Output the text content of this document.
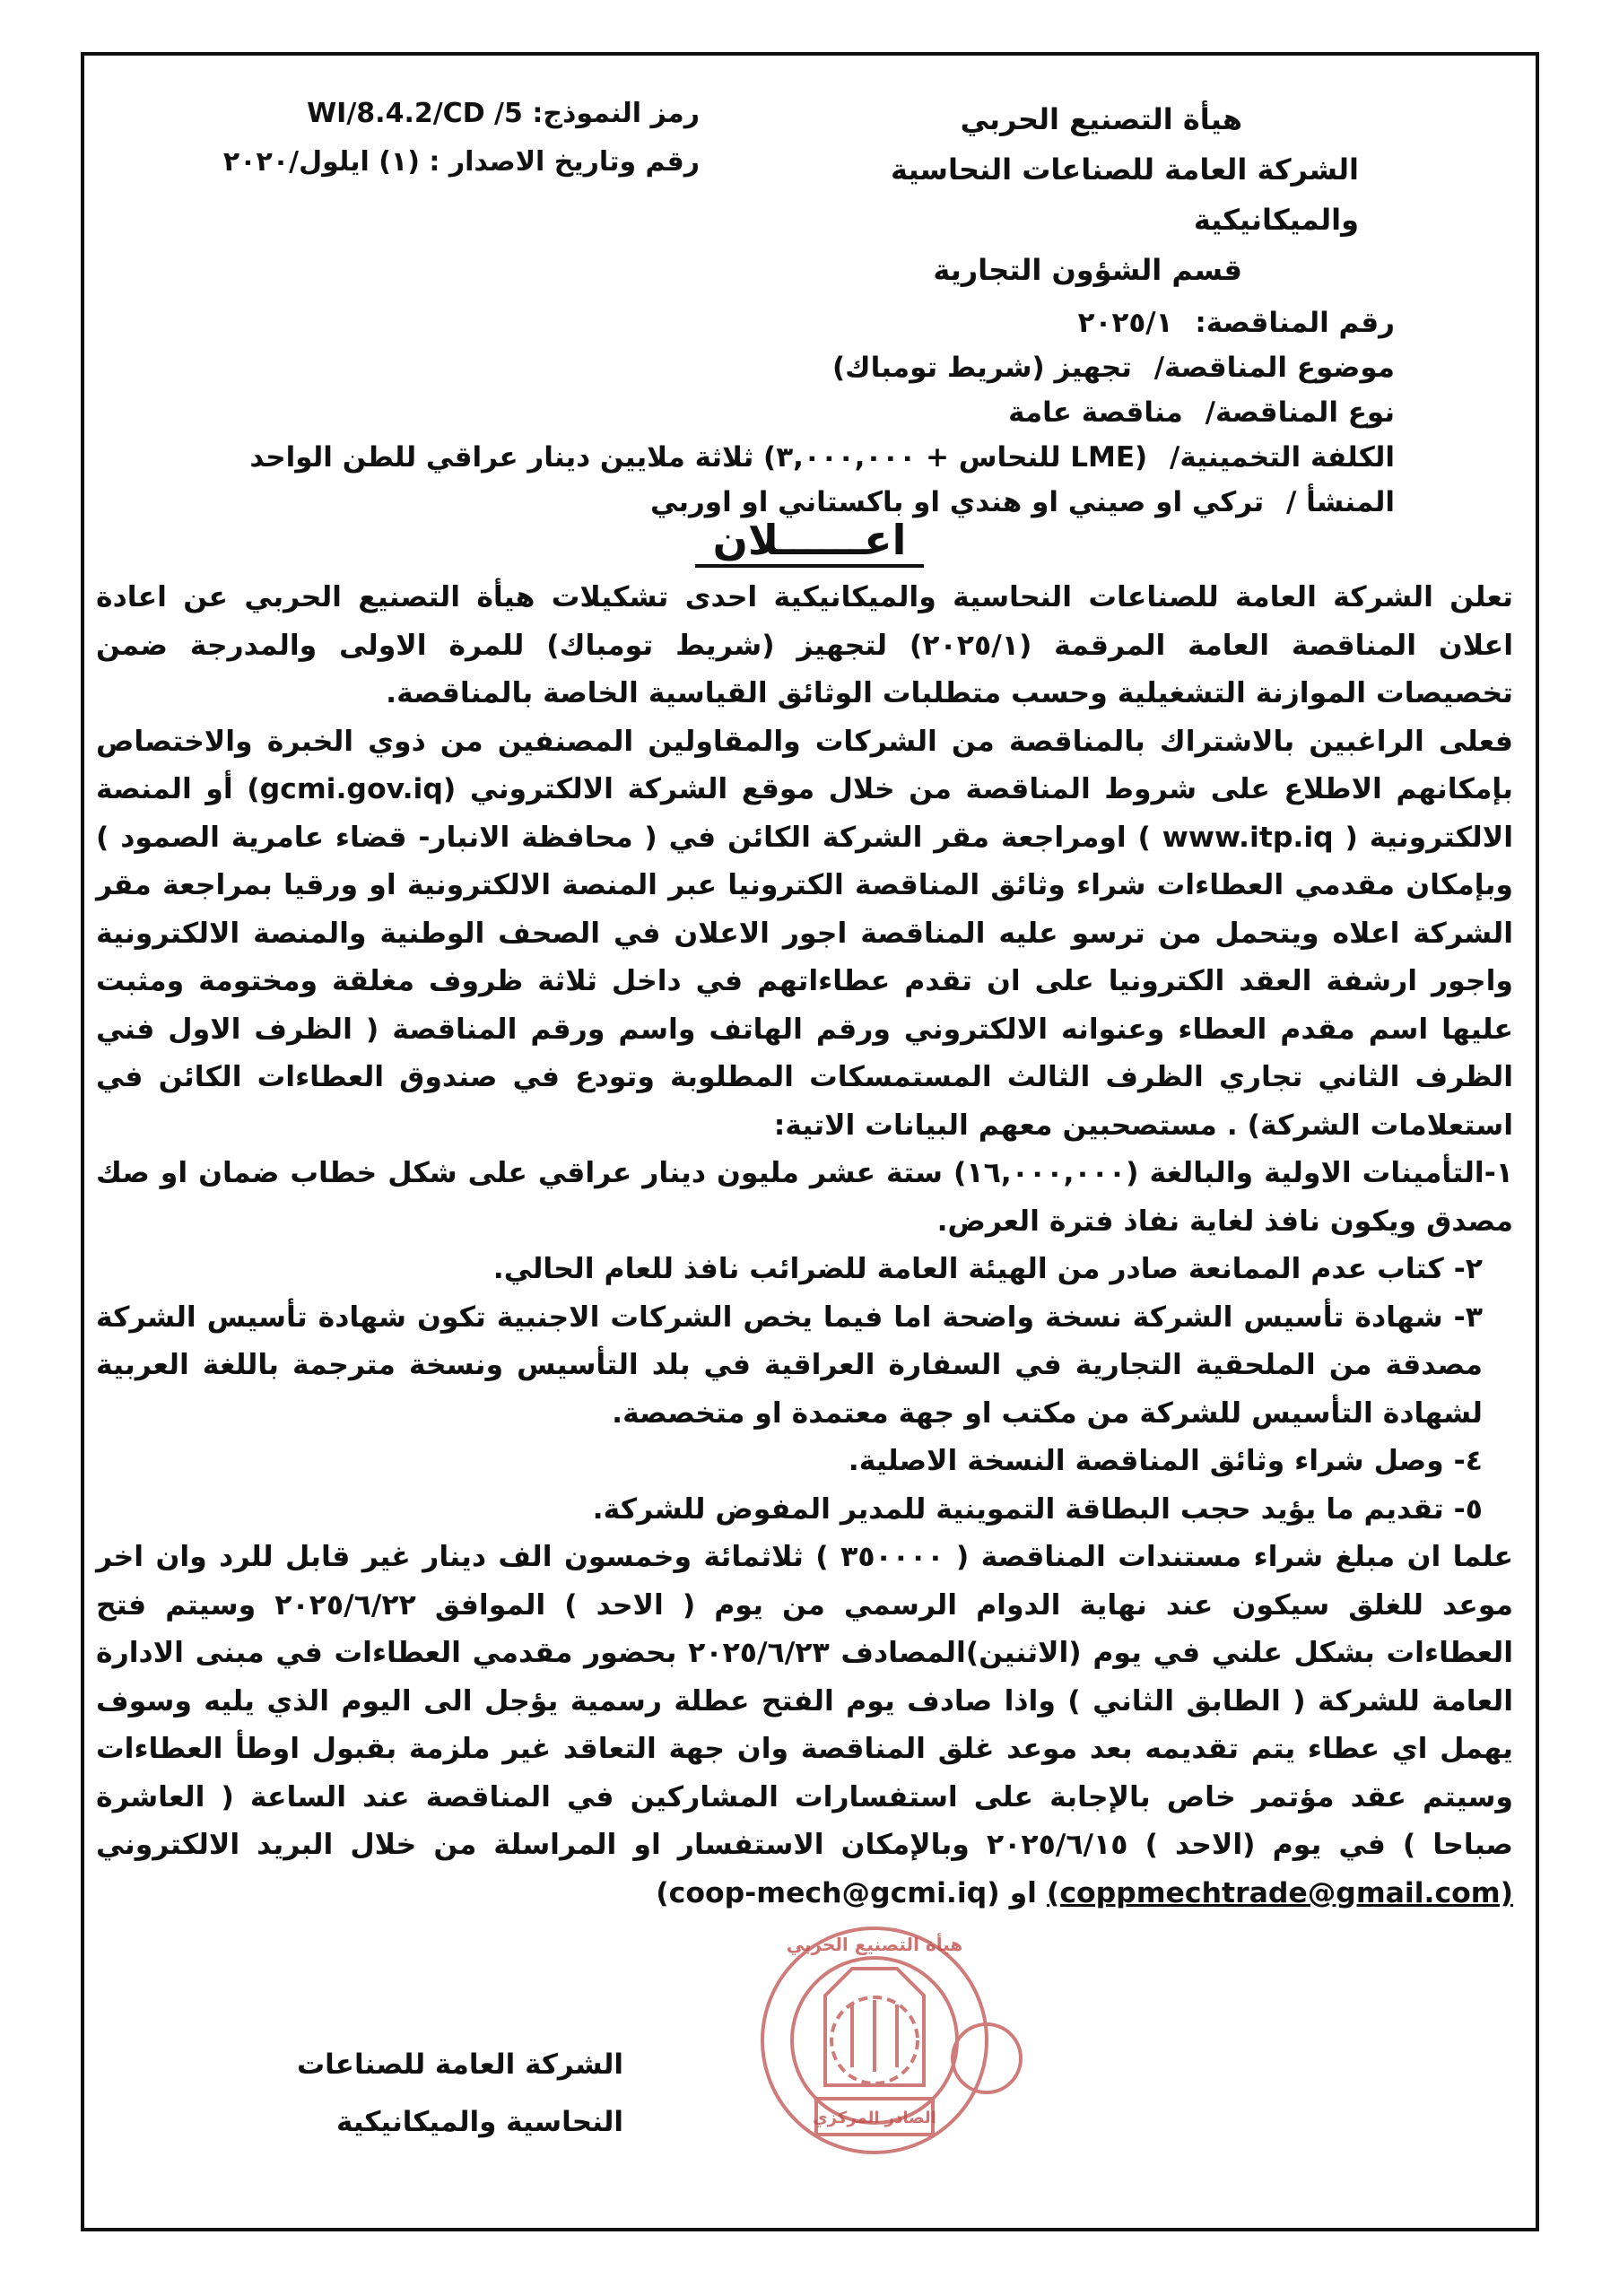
هيأة التصنيع الحربي
الشركة العامة للصناعات النحاسية والميكانيكية
قسم الشؤون التجارية
رمز النموذج: WI/8.4.2/CD /5
رقم وتاريخ الاصدار : (١) ايلول/٢٠٢٠
رقم المناقصة: ٢٠٢٥/١
موضوع المناقصة/ تجهيز (شريط تومباك)
نوع المناقصة/ مناقصة عامة
الكلفة التخمينية/ (LME للنحاس + ٣,٠٠٠,٠٠٠) ثلاثة ملايين دينار عراقي للطن الواحد
المنشأ / تركي او صيني او هندي او باكستاني او اوربي
اعــــــلان

تعلن الشركة العامة للصناعات النحاسية والميكانيكية احدى تشكيلات هيأة التصنيع الحربي عن اعادة اعلان المناقصة العامة المرقمة (٢٠٢٥/١) لتجهيز (شريط تومباك) للمرة الاولى والمدرجة ضمن تخصيصات الموازنة التشغيلية وحسب متطلبات الوثائق القياسية الخاصة بالمناقصة.

فعلى الراغبين بالاشتراك بالمناقصة من الشركات والمقاولين المصنفين من ذوي الخبرة والاختصاص بإمكانهم الاطلاع على شروط المناقصة من خلال موقع الشركة الالكتروني (gcmi.gov.iq) أو المنصة الالكترونية ( www.itp.iq ) اومراجعة مقر الشركة الكائن في ( محافظة الانبار- قضاء عامرية الصمود ) وبإمكان مقدمي العطاءات شراء وثائق المناقصة الكترونيا عبر المنصة الالكترونية او ورقيا بمراجعة مقر الشركة اعلاه ويتحمل من ترسو عليه المناقصة اجور الاعلان في الصحف الوطنية والمنصة الالكترونية واجور ارشفة العقد الكترونيا على ان تقدم عطاءاتهم في داخل ثلاثة ظروف مغلقة ومختومة ومثبت عليها اسم مقدم العطاء وعنوانه الالكتروني ورقم الهاتف واسم ورقم المناقصة ( الظرف الاول فني الظرف الثاني تجاري الظرف الثالث المستمسكات المطلوبة وتودع في صندوق العطاءات الكائن في استعلامات الشركة) . مستصحبين معهم البيانات الاتية:

١-التأمينات الاولية والبالغة (١٦,٠٠٠,٠٠٠) ستة عشر مليون دينار عراقي على شكل خطاب ضمان او صك مصدق ويكون نافذ لغاية نفاذ فترة العرض.

٢- كتاب عدم الممانعة صادر من الهيئة العامة للضرائب نافذ للعام الحالي.

٣- شهادة تأسيس الشركة نسخة واضحة اما فيما يخص الشركات الاجنبية تكون شهادة تأسيس الشركة مصدقة من الملحقية التجارية في السفارة العراقية في بلد التأسيس ونسخة مترجمة باللغة العربية لشهادة التأسيس للشركة من مكتب او جهة معتمدة او متخصصة.

٤- وصل شراء وثائق المناقصة النسخة الاصلية.

٥- تقديم ما يؤيد حجب البطاقة التموينية للمدير المفوض للشركة.

علما ان مبلغ شراء مستندات المناقصة ( ٣٥٠٠٠٠ ) ثلاثمائة وخمسون الف دينار غير قابل للرد وان اخر موعد للغلق سيكون عند نهاية الدوام الرسمي من يوم ( الاحد ) الموافق ٢٠٢٥/٦/٢٢ وسيتم فتح العطاءات بشكل علني في يوم (الاثنين)المصادف ٢٠٢٥/٦/٢٣ بحضور مقدمي العطاءات في مبنى الادارة العامة للشركة ( الطابق الثاني ) واذا صادف يوم الفتح عطلة رسمية يؤجل الى اليوم الذي يليه وسوف يهمل اي عطاء يتم تقديمه بعد موعد غلق المناقصة وان جهة التعاقد غير ملزمة بقبول اوطأ العطاءات وسيتم عقد مؤتمر خاص بالإجابة على استفسارات المشاركين في المناقصة عند الساعة ( العاشرة صباحا ) في يوم (الاحد ) ٢٠٢٥/٦/١٥ وبالإمكان الاستفسار او المراسلة من خلال البريد الالكتروني (coppmechtrade@gmail.com) او (coop-mech@gcmi.iq)

الشركة العامة للصناعات
النحاسية والميكانيكية
هيأة التصنيع الحربي
الصادر المركزي
